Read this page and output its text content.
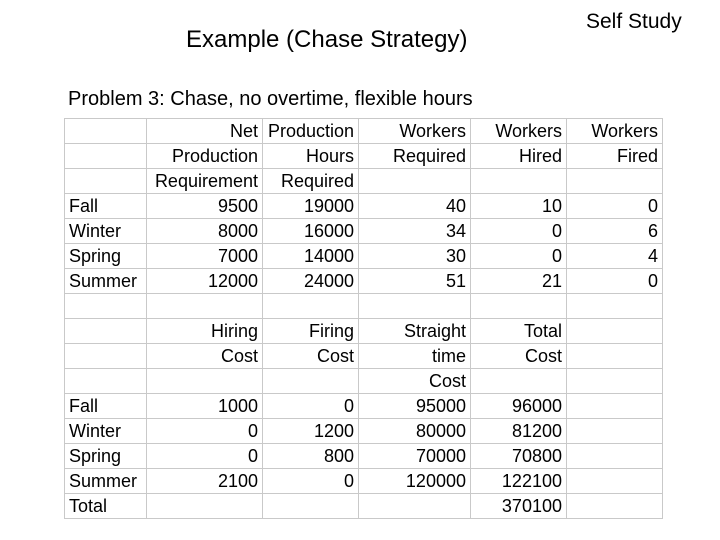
Example (Chase Strategy)
Self Study
Problem 3: Chase, no overtime, flexible hours
	Net	Production	Workers	Workers	Workers
	Production	Hours	Required	Hired	Fired
	Requirement	Required			
Fall	9500	19000	40	10	0
Winter	8000	16000	34	0	6
Spring	7000	14000	30	0	4
Summer	12000	24000	51	21	0

	Hiring	Firing	Straight	Total	
	Cost	Cost	time	Cost	
			Cost		
Fall	1000	0	95000	96000	
Winter	0	1200	80000	81200	
Spring	0	800	70000	70800	
Summer	2100	0	120000	122100	
Total				370100	
